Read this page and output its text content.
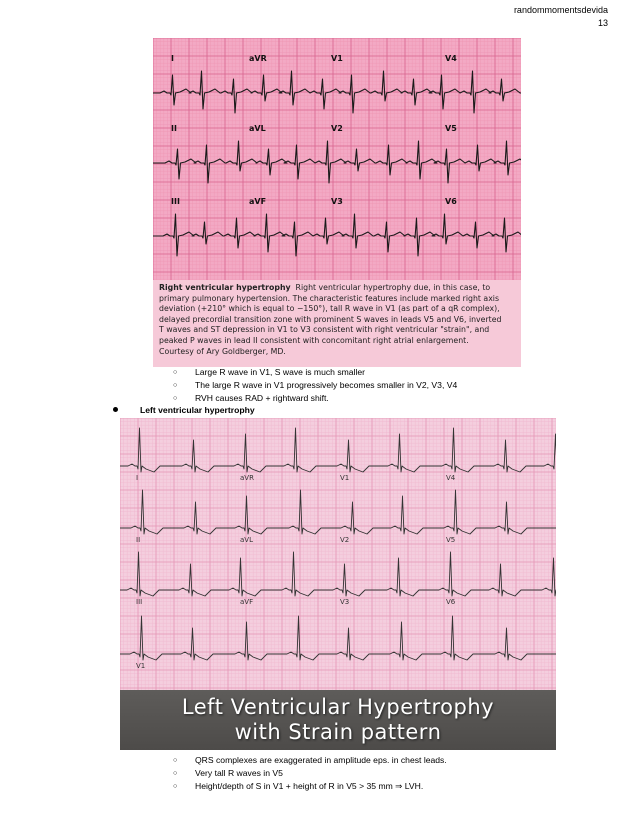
randommomentsdevida
13
I	aVR	V1	V4
II	aVL	V2	V5
III	aVF	V3	V6
Right ventricular hypertrophy Right ventricular hypertrophy due, in this case, to
primary pulmonary hypertension. The characteristic features include marked right axis
deviation (+210° which is equal to −150°), tall R wave in V1 (as part of a qR complex),
delayed precordial transition zone with prominent S waves in leads V5 and V6, inverted
T waves and ST depression in V1 to V3 consistent with right ventricular "strain", and
peaked P waves in lead II consistent with concomitant right atrial enlargement.
Courtesy of Ary Goldberger, MD.
○ Large R wave in V1, S wave is much smaller
○ The large R wave in V1 progressively becomes smaller in V2, V3, V4
○ RVH causes RAD + rightward shift.
Left ventricular hypertrophy
I	aVR	V1	V4
II	aVL	V2	V5
III	aVF	V3	V6
V1
Left Ventricular Hypertrophy
with Strain pattern
○ QRS complexes are exaggerated in amplitude eps. in chest leads.
○ Very tall R waves in V5
○ Height/depth of S in V1 + height of R in V5 > 35 mm ⇒ LVH.
